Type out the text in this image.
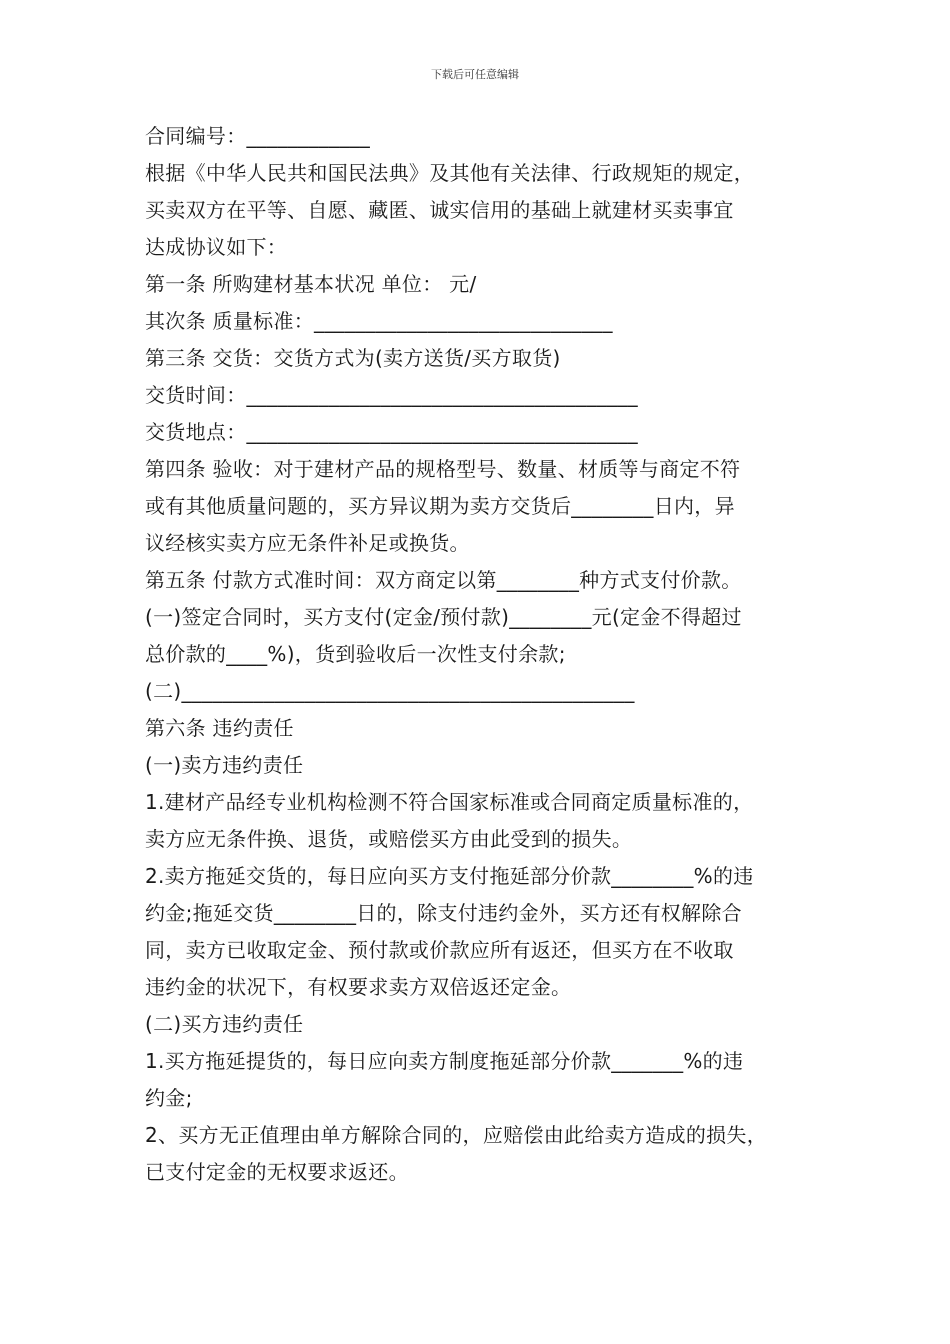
下载后可任意编辑
合同编号：____________
根据《中华人民共和国民法典》及其他有关法律、行政规矩的规定，
买卖双方在平等、自愿、藏匿、诚实信用的基础上就建材买卖事宜
达成协议如下：
第一条 所购建材基本状况 单位： 元/
其次条 质量标准：_____________________________
第三条 交货：交货方式为(卖方送货/买方取货)
交货时间：______________________________________
交货地点：______________________________________
第四条 验收：对于建材产品的规格型号、数量、材质等与商定不符
或有其他质量问题的，买方异议期为卖方交货后________日内，异
议经核实卖方应无条件补足或换货。
第五条 付款方式准时间：双方商定以第________种方式支付价款。
(一)签定合同时，买方支付(定金/预付款)________元(定金不得超过
总价款的____%)，货到验收后一次性支付余款;
(二)____________________________________________
第六条 违约责任
(一)卖方违约责任
1.建材产品经专业机构检测不符合国家标准或合同商定质量标准的，
卖方应无条件换、退货，或赔偿买方由此受到的损失。
2.卖方拖延交货的，每日应向买方支付拖延部分价款________%的违
约金;拖延交货________日的，除支付违约金外，买方还有权解除合
同，卖方已收取定金、预付款或价款应所有返还，但买方在不收取
违约金的状况下，有权要求卖方双倍返还定金。
(二)买方违约责任
1.买方拖延提货的，每日应向卖方制度拖延部分价款_______%的违
约金;
2、买方无正值理由单方解除合同的，应赔偿由此给卖方造成的损失，
已支付定金的无权要求返还。
